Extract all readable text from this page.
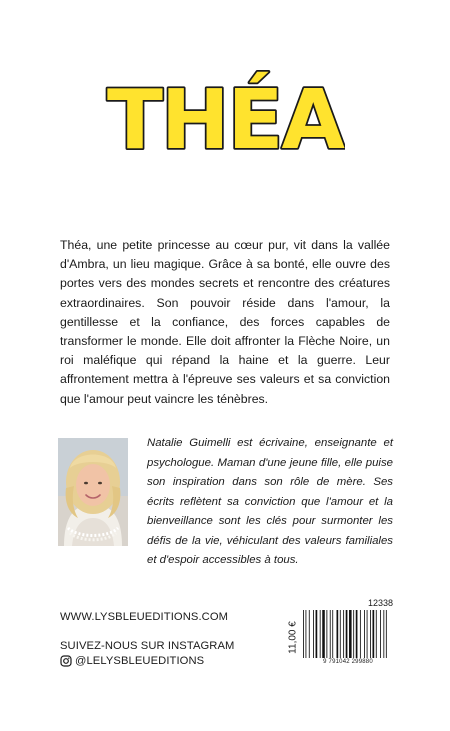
THÉA

Théa, une petite princesse au cœur pur, vit dans la vallée d'Ambra, un lieu magique. Grâce à sa bonté, elle ouvre des portes vers des mondes secrets et rencontre des créatures extraordinaires. Son pouvoir réside dans l'amour, la gentillesse et la confiance, des forces capables de transformer le monde. Elle doit affronter la Flèche Noire, un roi maléfique qui répand la haine et la guerre. Leur affrontement mettra à l'épreuve ses valeurs et sa conviction que l'amour peut vaincre les ténèbres.

Natalie Guimelli est écrivaine, enseignante et psychologue. Maman d'une jeune fille, elle puise son inspiration dans son rôle de mère. Ses écrits reflètent sa conviction que l'amour et la bienveillance sont les clés pour surmonter les défis de la vie, véhiculant des valeurs familiales et d'espoir accessibles à tous.

WWW.LYSBLEUEDITIONS.COM

SUIVEZ-NOUS SUR INSTAGRAM

@LELYSBLEUEDITIONS

12338

11,00 €

9 791042 299880
